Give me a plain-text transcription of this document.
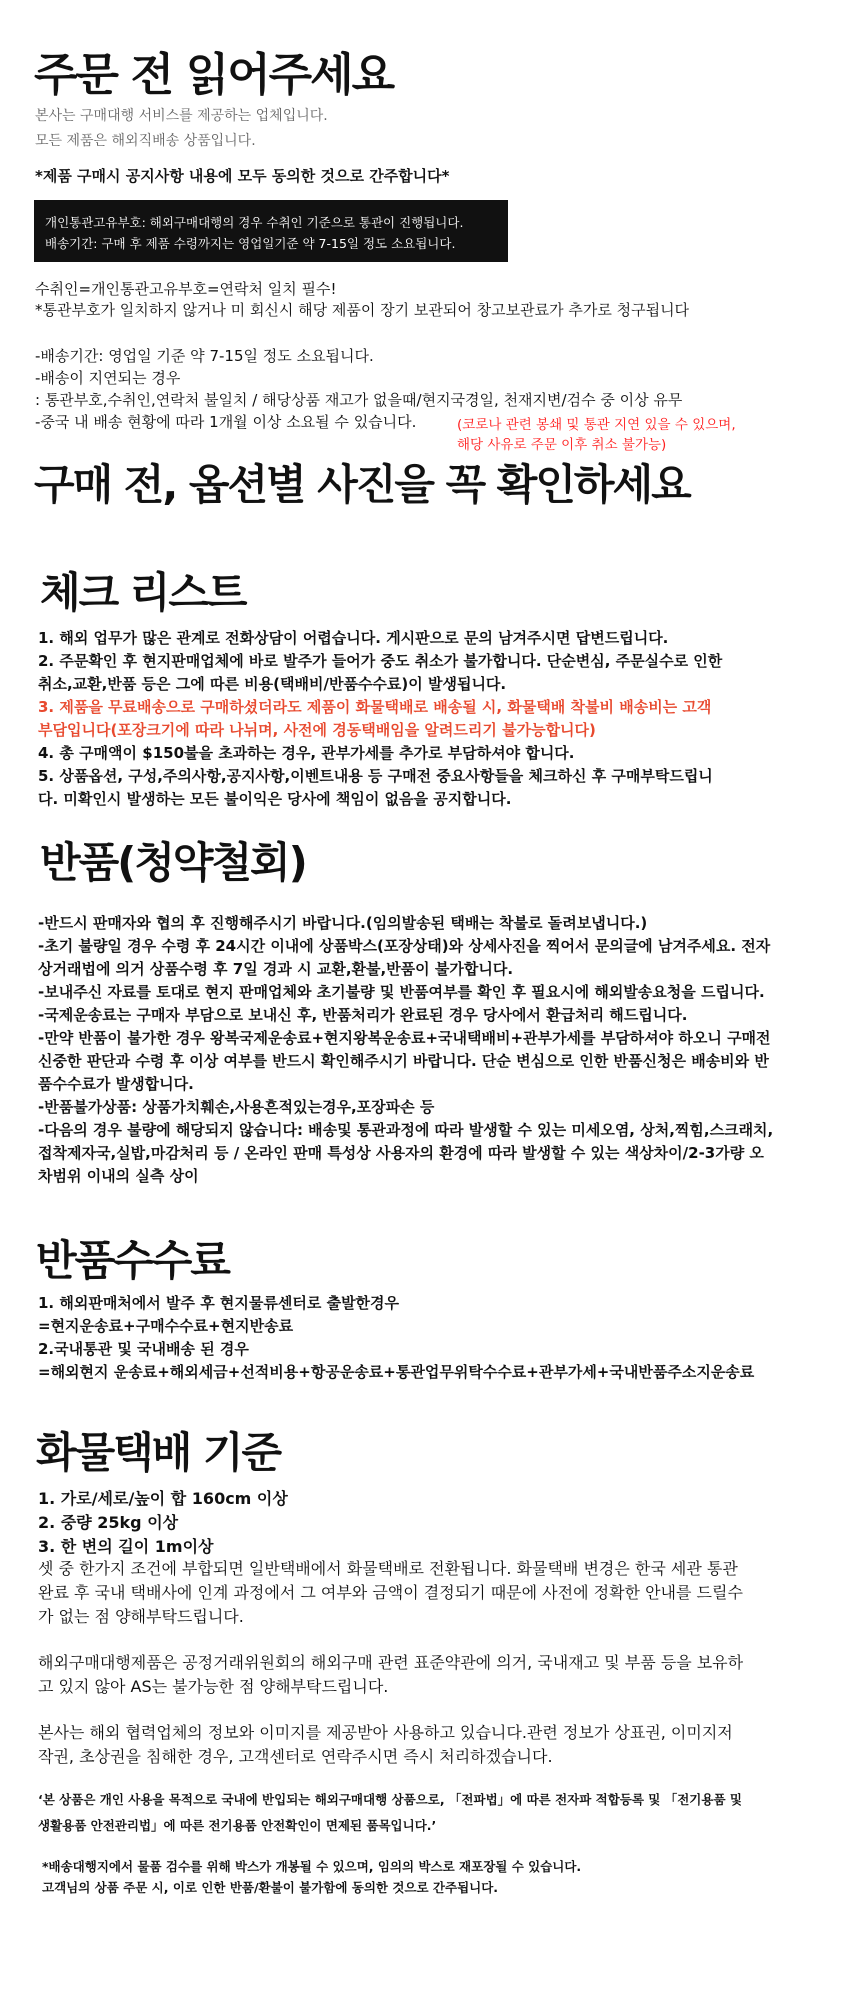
주문 전 읽어주세요
본사는 구매대행 서비스를 제공하는 업체입니다.
모든 제품은 해외직배송 상품입니다.
*제품 구매시 공지사항 내용에 모두 동의한 것으로 간주합니다*
개인통관고유부호: 해외구매대행의 경우 수취인 기준으로 통관이 진행됩니다.
배송기간: 구매 후 제품 수령까지는 영업일기준 약 7-15일 정도 소요됩니다.
수취인=개인통관고유부호=연락처 일치 필수!
*통관부호가 일치하지 않거나 미 회신시 해당 제품이 장기 보관되어 창고보관료가 추가로 청구됩니다
-배송기간: 영업일 기준 약 7-15일 정도 소요됩니다.
-배송이 지연되는 경우
: 통관부호,수취인,연락처 불일치 / 해당상품 재고가 없을때/현지국경일, 천재지변/검수 중 이상 유무
-중국 내 배송 현황에 따라 1개월 이상 소요될 수 있습니다.	(코로나 관련 봉쇄 및 통관 지연 있을 수 있으며,
해당 사유로 주문 이후 취소 불가능)
구매 전, 옵션별 사진을 꼭 확인하세요
체크 리스트
1. 해외 업무가 많은 관계로 전화상담이 어렵습니다. 게시판으로 문의 남겨주시면 답변드립니다.
2. 주문확인 후 현지판매업체에 바로 발주가 들어가 중도 취소가 불가합니다. 단순변심, 주문실수로 인한
취소,교환,반품 등은 그에 따른 비용(택배비/반품수수료)이 발생됩니다.
3. 제품을 무료배송으로 구매하셨더라도 제품이 화물택배로 배송될 시, 화물택배 착불비 배송비는 고객
부담입니다(포장크기에 따라 나뉘며, 사전에 경동택배임을 알려드리기 불가능합니다)
4. 총 구매액이 $150불을 초과하는 경우, 관부가세를 추가로 부담하셔야 합니다.
5. 상품옵션, 구성,주의사항,공지사항,이벤트내용 등 구매전 중요사항들을 체크하신 후 구매부탁드립니
다. 미확인시 발생하는 모든 불이익은 당사에 책임이 없음을 공지합니다.
반품(청약철회)
-반드시 판매자와 협의 후 진행해주시기 바랍니다.(임의발송된 택배는 착불로 돌려보냅니다.)
-초기 불량일 경우 수령 후 24시간 이내에 상품박스(포장상태)와 상세사진을 찍어서 문의글에 남겨주세요. 전자
상거래법에 의거 상품수령 후 7일 경과 시 교환,환불,반품이 불가합니다.
-보내주신 자료를 토대로 현지 판매업체와 초기불량 및 반품여부를 확인 후 필요시에 해외발송요청을 드립니다.
-국제운송료는 구매자 부담으로 보내신 후, 반품처리가 완료된 경우 당사에서 환급처리 해드립니다.
-만약 반품이 불가한 경우 왕복국제운송료+현지왕복운송료+국내택배비+관부가세를 부담하셔야 하오니 구매전
신중한 판단과 수령 후 이상 여부를 반드시 확인해주시기 바랍니다. 단순 변심으로 인한 반품신청은 배송비와 반
품수수료가 발생합니다.
-반품불가상품: 상품가치훼손,사용흔적있는경우,포장파손 등
-다음의 경우 불량에 해당되지 않습니다: 배송및 통관과정에 따라 발생할 수 있는 미세오염, 상처,찍힘,스크래치,
접착제자국,실밥,마감처리 등 / 온라인 판매 특성상 사용자의 환경에 따라 발생할 수 있는 색상차이/2-3가량 오
차범위 이내의 실측 상이
반품수수료
1. 해외판매처에서 발주 후 현지물류센터로 출발한경우
=현지운송료+구매수수료+현지반송료
2.국내통관 및 국내배송 된 경우
=해외현지 운송료+해외세금+선적비용+항공운송료+통관업무위탁수수료+관부가세+국내반품주소지운송료
화물택배 기준
1. 가로/세로/높이 합 160cm 이상
2. 중량 25kg 이상
3. 한 변의 길이 1m이상
셋 중 한가지 조건에 부합되면 일반택배에서 화물택배로 전환됩니다. 화물택배 변경은 한국 세관 통관
완료 후 국내 택배사에 인계 과정에서 그 여부와 금액이 결정되기 때문에 사전에 정확한 안내를 드릴수
가 없는 점 양해부탁드립니다.
해외구매대행제품은 공정거래위원회의 해외구매 관련 표준약관에 의거, 국내재고 및 부품 등을 보유하
고 있지 않아 AS는 불가능한 점 양해부탁드립니다.
본사는 해외 협력업체의 정보와 이미지를 제공받아 사용하고 있습니다.관련 정보가 상표권, 이미지저
작권, 초상권을 침해한 경우, 고객센터로 연락주시면 즉시 처리하겠습니다.
‘본 상품은 개인 사용을 목적으로 국내에 반입되는 해외구매대행 상품으로, 「전파법」에 따른 전자파 적합등록 및 「전기용품 및
생활용품 안전관리법」에 따른 전기용품 안전확인이 면제된 품목입니다.’
*배송대행지에서 물품 검수를 위해 박스가 개봉될 수 있으며, 임의의 박스로 재포장될 수 있습니다.
고객님의 상품 주문 시, 이로 인한 반품/환불이 불가함에 동의한 것으로 간주됩니다.
